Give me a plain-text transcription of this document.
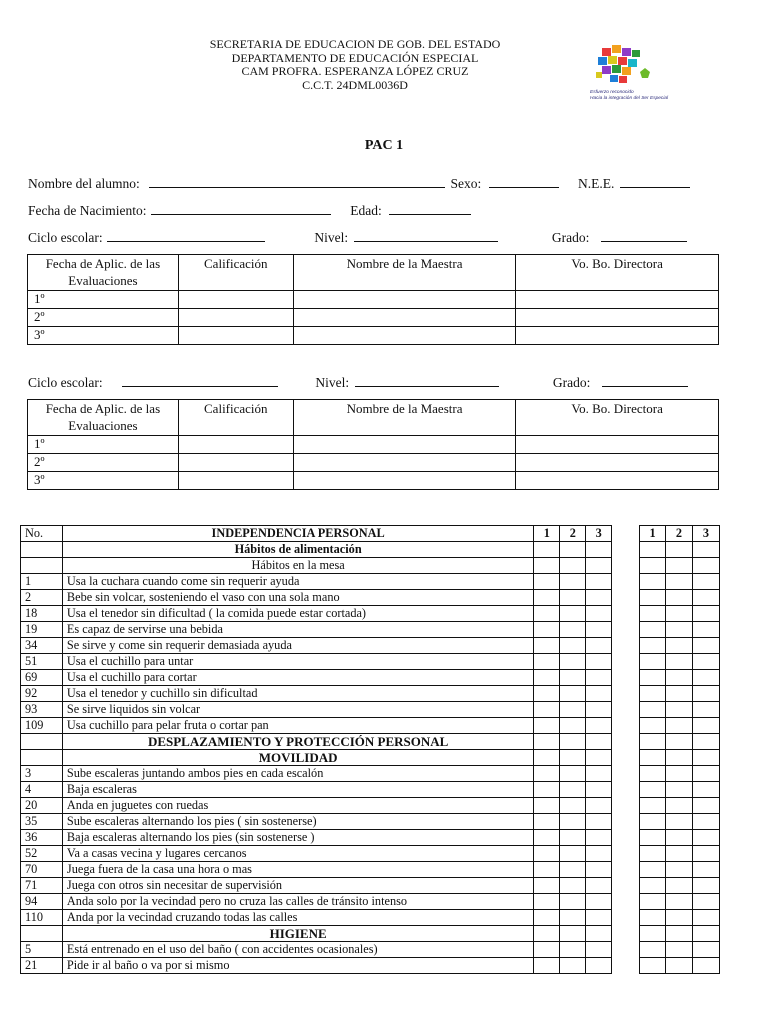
SECRETARIA DE EDUCACION DE GOB. DEL ESTADO
DEPARTAMENTO DE EDUCACIÓN ESPECIAL
CAM PROFRA. ESPERANZA LÓPEZ CRUZ
C.C.T. 24DML0036D
Esfuerzo reconocido
Hacia la integración del Ser Especial
PAC 1
Nombre del alumno:	Sexo:	N.E.E.
Fecha de Nacimiento:	Edad:
Ciclo escolar:	Nivel:	Grado:
Fecha de Aplic. de las Evaluaciones	Calificación	Nombre de la Maestra	Vo. Bo. Directora
1º			
2º			
3º			
Ciclo escolar:	Nivel:	Grado:
Fecha de Aplic. de las Evaluaciones	Calificación	Nombre de la Maestra	Vo. Bo. Directora
1º			
2º			
3º			
No.	INDEPENDENCIA PERSONAL	1	2	3		1	2	3
	Hábitos de alimentación							
	Hábitos en la mesa							
1	Usa la cuchara cuando come sin requerir ayuda							
2	Bebe sin volcar, sosteniendo el vaso con una sola mano							
18	Usa el tenedor sin dificultad ( la comida puede estar cortada)							
19	Es capaz de servirse una bebida							
34	Se sirve y come sin requerir demasiada ayuda							
51	Usa el cuchillo para untar							
69	Usa el cuchillo para cortar							
92	Usa el tenedor y cuchillo sin dificultad							
93	Se sirve liquidos sin volcar							
109	Usa cuchillo para pelar fruta o cortar pan							
	DESPLAZAMIENTO Y PROTECCIÓN PERSONAL							
	MOVILIDAD							
3	Sube escaleras juntando ambos pies en cada escalón							
4	Baja escaleras							
20	Anda en juguetes con ruedas							
35	Sube escaleras alternando los pies ( sin sostenerse)							
36	Baja escaleras alternando los pies (sin sostenerse )							
52	Va a casas vecina y lugares cercanos							
70	Juega fuera de la casa una hora o mas							
71	Juega con otros sin necesitar de supervisión							
94	Anda solo por la vecindad pero no cruza las calles de tránsito intenso							
110	Anda por la vecindad cruzando todas las calles							
	HIGIENE							
5	Está entrenado en el uso del baño ( con accidentes ocasionales)							
21	Pide ir al baño o va por si mismo							
